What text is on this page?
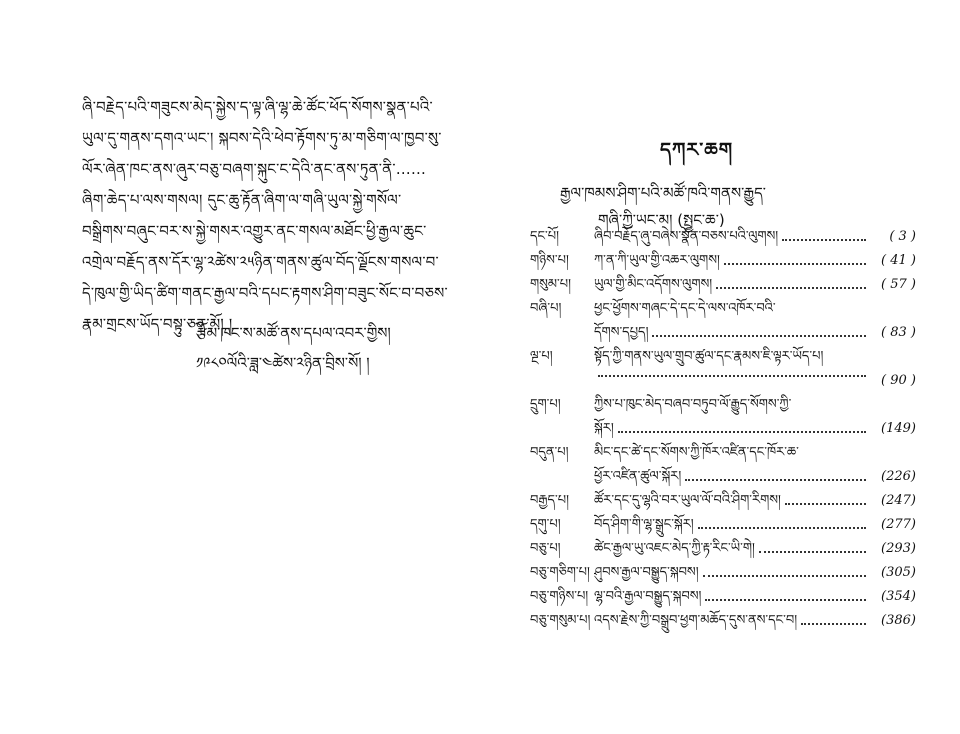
ཞི་བརྗེད་པའི་གཟུངས་མེད་སྐྱེས་ད་ལྟ་ཞི་ལྷ་ཆེ་ཚོང་ཕོད་སོགས་སྣན་པའི་
ཡུལ་དུ་གནས་དགའ་ཡང་། སྐབས་དེའི་ཕེབ་རྟོགས་ཏུ་མ་གཅིག་ལ་ཁྱབ་སུ་
ལོར་ཞེན་ཁང་ནས་ཞུར་བཅུ་བཞག་སྐུང་ང་དེའི་ནང་ནས་ཏུན་ནི་……
ཞིག་ཆེད་པ་ལས་གསལ། དུང་ཆུ་རྟོན་ཞིག་ལ་གཞི་ཡུལ་སྐྱེ་གསོལ་
བསྒྲིགས་བཞུང་བར་ས་སྐྱེ་གསར་འགྱུར་ནང་གསལ་མཐོང་ཕྱི་རྒྱལ་ཆུང་
འགྲེལ་བརྗོད་ནས་དོར་ལྷ་༢ཚེས་༢༥ཉིན་གནས་ཚུལ་བོད་ལྗོངས་གསལ་བ་
དེ་ཁུལ་གྱི་ཡིད་ཚིག་གནང་རྒྱལ་བའི་དཔང་རྟགས་ཤིག་བཟུང་སོང་བ་བཅས་
རྣམ་གྲངས་ཡོད་བསྟུ་ཅན་མོ། །
རྩོམ་ཁང་ས་མཚོ་ནས་དཔལ་འབར་གྱིས།
༡༩༨༠ལོའི་ཟླ་༤ཚེས་༢ཉིན་བྲིས་སོ། །
དཀར་ཆག
རྒྱལ་ཁམས་ཤིག་པའི་མཚོ་ཁའི་གནས་རྒྱུད་
གཞི་ཀྱི་ཡང་མ། (སྤྱང་ཆ་)
དང་པོ།	ཞིབ་བརྗོད་ཞུ་བཞེས་སྣོན་བཅས་པའི་ལུགས།	( 3 )
གཉིས་པ།	ཀ་ན་ཀི་ཡུལ་གྱི་འཆར་ལུགས།	( 41 )
གསུམ་པ།	ཡུལ་གྱི་མིང་འདོགས་ལུགས།	( 57 )
བཞི་པ།	ཕྱང་ཕྱོགས་གཞང་དེ་དང་དེ་ལས་འཁོར་བའི་
དོགས་དཔྱད།	( 83 )
ལྔ་པ།	སྟོད་ཀྱི་གནས་ཡུལ་གྲུབ་ཚུལ་དང་རྣམས་ཇི་ལྟར་ཡོད་པ།
( 90 )
དྲུག་པ།	ཀྱིས་པ་ཁུང་མེད་བཞབ་བཏུབ་ལོ་རྒྱུད་སོགས་ཀྱི་
སྐོར།	(149)
བདུན་པ།	མིང་དང་ཚེ་དང་སོགས་ཀྱི་ཁོར་འཛིན་དང་ཁོར་ཆ་
ཕྱོར་འཛིན་ཚུལ་སྐོར།	(226)
བརྒྱད་པ།	ཚོར་དང་དུ་ལྷའི་བར་ཡུལ་ལོ་བའི་ཤིག་རིགས།	(247)
དགུ་པ།	བོད་ཤིག་གི་ལྷ་སྒྲུང་སྐོར།	(277)
བཅུ་པ།	ཚེང་རྒྱལ་ཡུ་འཇང་མེད་ཀྱི་རྟ་རིང་ཡི་གེ།	(293)
བཅུ་གཅིག་པ། ཤུབས་རྒྱལ་བསྒྱུད་སྐབས།	(305)
བཅུ་གཉིས་པ། ལྷ་བའི་རྒྱལ་བསྒྱུད་སྐབས།	(354)
བཅུ་གསུམ་པ། འདས་རྗེས་ཀྱི་བསྒྲུབ་ཕྱག་མཆོད་དུས་ནས་དང་བ།	(386)
